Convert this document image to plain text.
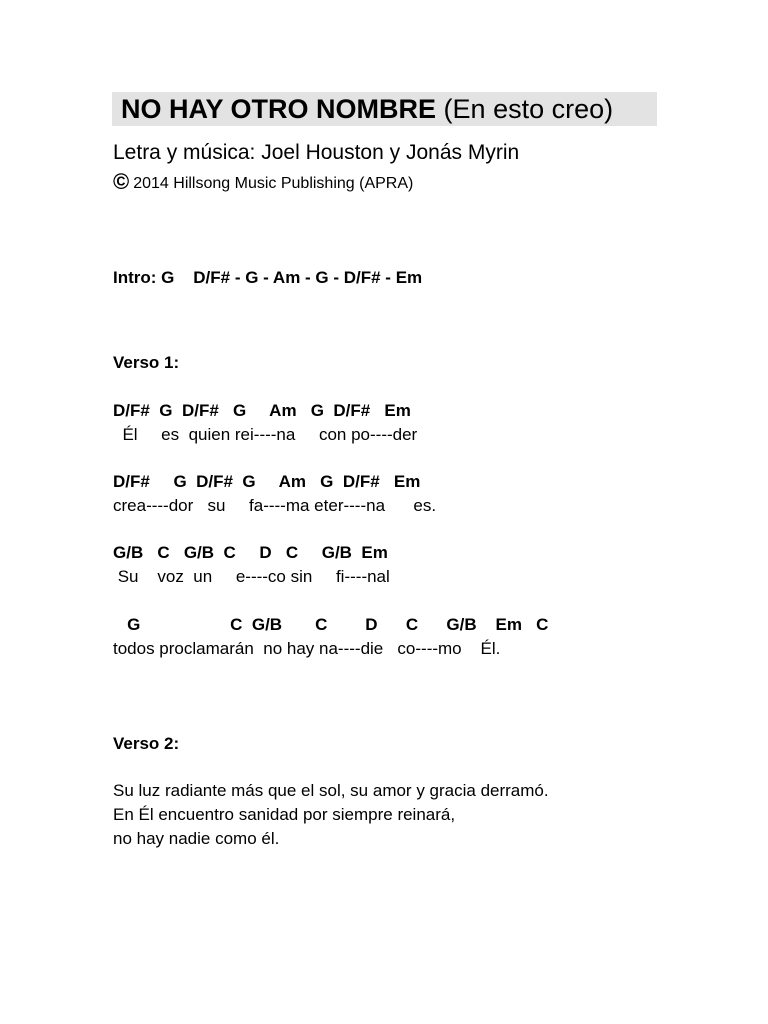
NO HAY OTRO NOMBRE (En esto creo)
Letra y música: Joel Houston y Jonás Myrin
© 2014 Hillsong Music Publishing (APRA)
Intro: G    D/F# - G - Am - G - D/F# - Em
Verso 1:
D/F#  G  D/F#   G     Am   G  D/F#   Em
Él     es  quien rei----na     con po----der
D/F#     G  D/F#  G     Am   G  D/F#   Em
crea----dor   su     fa----ma eter----na      es.
G/B   C   G/B  C     D   C     G/B  Em
Su    voz  un     e----co sin     fi----nal
G                   C  G/B       C        D      C      G/B    Em   C
todos proclamarán  no hay na----die   co----mo    Él.
Verso 2:
Su luz radiante más que el sol, su amor y gracia derramó.
En Él encuentro sanidad por siempre reinará,
no hay nadie como él.
